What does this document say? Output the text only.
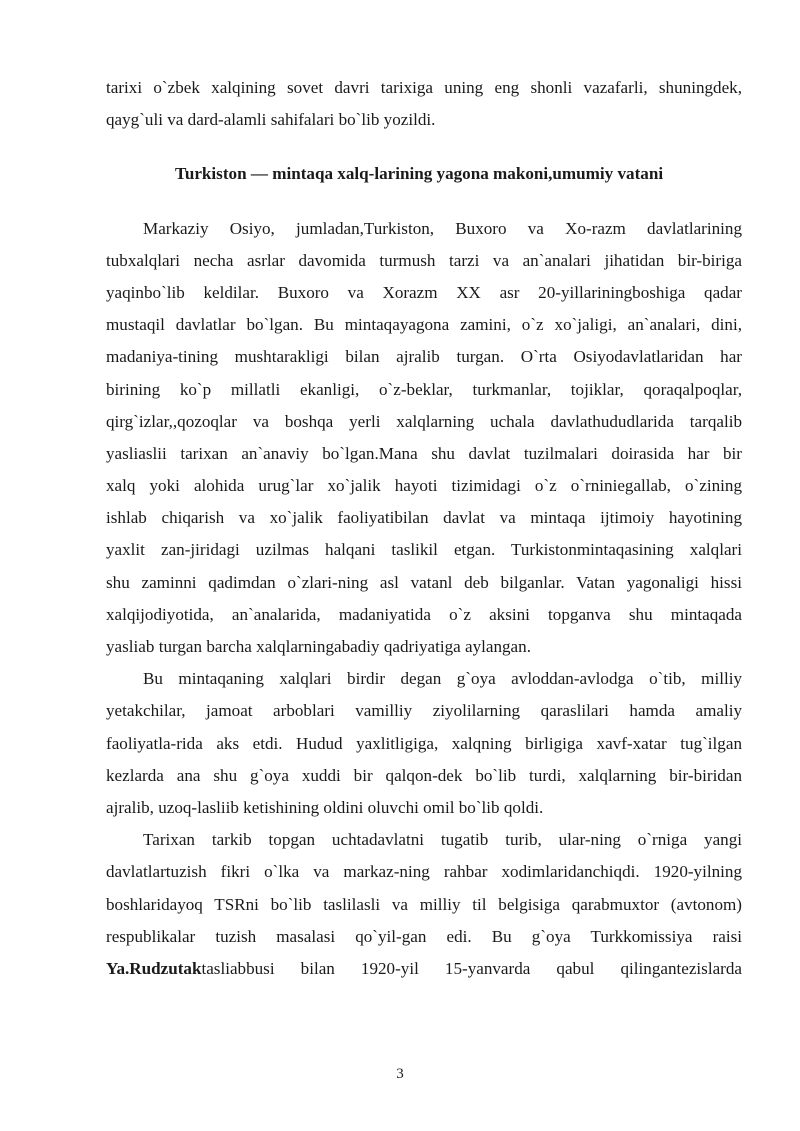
tarixi o`zbek xalqining sovet davri tarixiga uning eng shonli vazafarli, shuningdek,
qayg`uli va dard-alamli sahifalari bo`lib yozildi.
Turkiston — mintaqa xalq-larining yagona makoni,umumiy vatani
Markaziy Osiyo, jumladan,Turkiston, Buxoro va Xo-razm davlatlarining
tubxalqlari necha asrlar davomida turmush tarzi va an`analari jihatidan bir-biriga
yaqinbo`lib keldilar. Buxoro va Xorazm XX asr 20-yillariningboshiga qadar
mustaqil davlatlar bo`lgan. Bu mintaqayagona zamini, o`z xo`jaligi, an`analari, dini,
madaniya-tining mushtarakligi bilan ajralib turgan. O`rta Osiyodavlatlaridan har
birining ko`p millatli ekanligi, o`z-beklar, turkmanlar, tojiklar, qoraqalpoqlar,
qirg`izlar,,qozoqlar va boshqa yerli xalqlarning uchala davlathududlarida tarqalib
yasliaslii tarixan an`anaviy bo`lgan.Mana shu davlat tuzilmalari doirasida har bir
xalq yoki alohida urug`lar xo`jalik hayoti tizimidagi o`z o`rniniegallab, o`zining
ishlab chiqarish va xo`jalik faoliyatibilan davlat va mintaqa ijtimoiy hayotining
yaxlit zan-jiridagi uzilmas halqani taslikil etgan. Turkistonmintaqasining xalqlari
shu zaminni qadimdan o`zlari-ning asl vatanl deb bilganlar. Vatan yagonaligi hissi
xalqijodiyotida, an`analarida, madaniyatida o`z aksini topganva shu mintaqada
yasliab turgan barcha xalqlarningabadiy qadriyatiga aylangan.
Bu mintaqaning xalqlari birdir degan g`oya avloddan-avlodga o`tib, milliy
yetakchilar, jamoat arboblari vamilliy ziyolilarning qaraslilari hamda amaliy
faoliyatla-rida aks etdi. Hudud yaxlitligiga, xalqning birligiga xavf-xatar tug`ilgan
kezlarda ana shu g`oya xuddi bir qalqon-dek bo`lib turdi, xalqlarning bir-biridan
ajralib, uzoq-lasliib ketishining oldini oluvchi omil bo`lib qoldi.
Tarixan tarkib topgan uchtadavlatni tugatib turib, ular-ning o`rniga yangi
davlatlartuzish fikri o`lka va markaz-ning rahbar xodimlaridanchiqdi. 1920-yilning
boshlaridayoq TSRni bo`lib taslilasli va milliy til belgisiga qarabmuxtor (avtonom)
respublikalar tuzish masalasi qo`yil-gan edi. Bu g`oya Turkkomissiya raisi
Ya.Rudzutaktasliabbusi bilan 1920-yil 15-yanvarda qabul qilingantezislarda
3
